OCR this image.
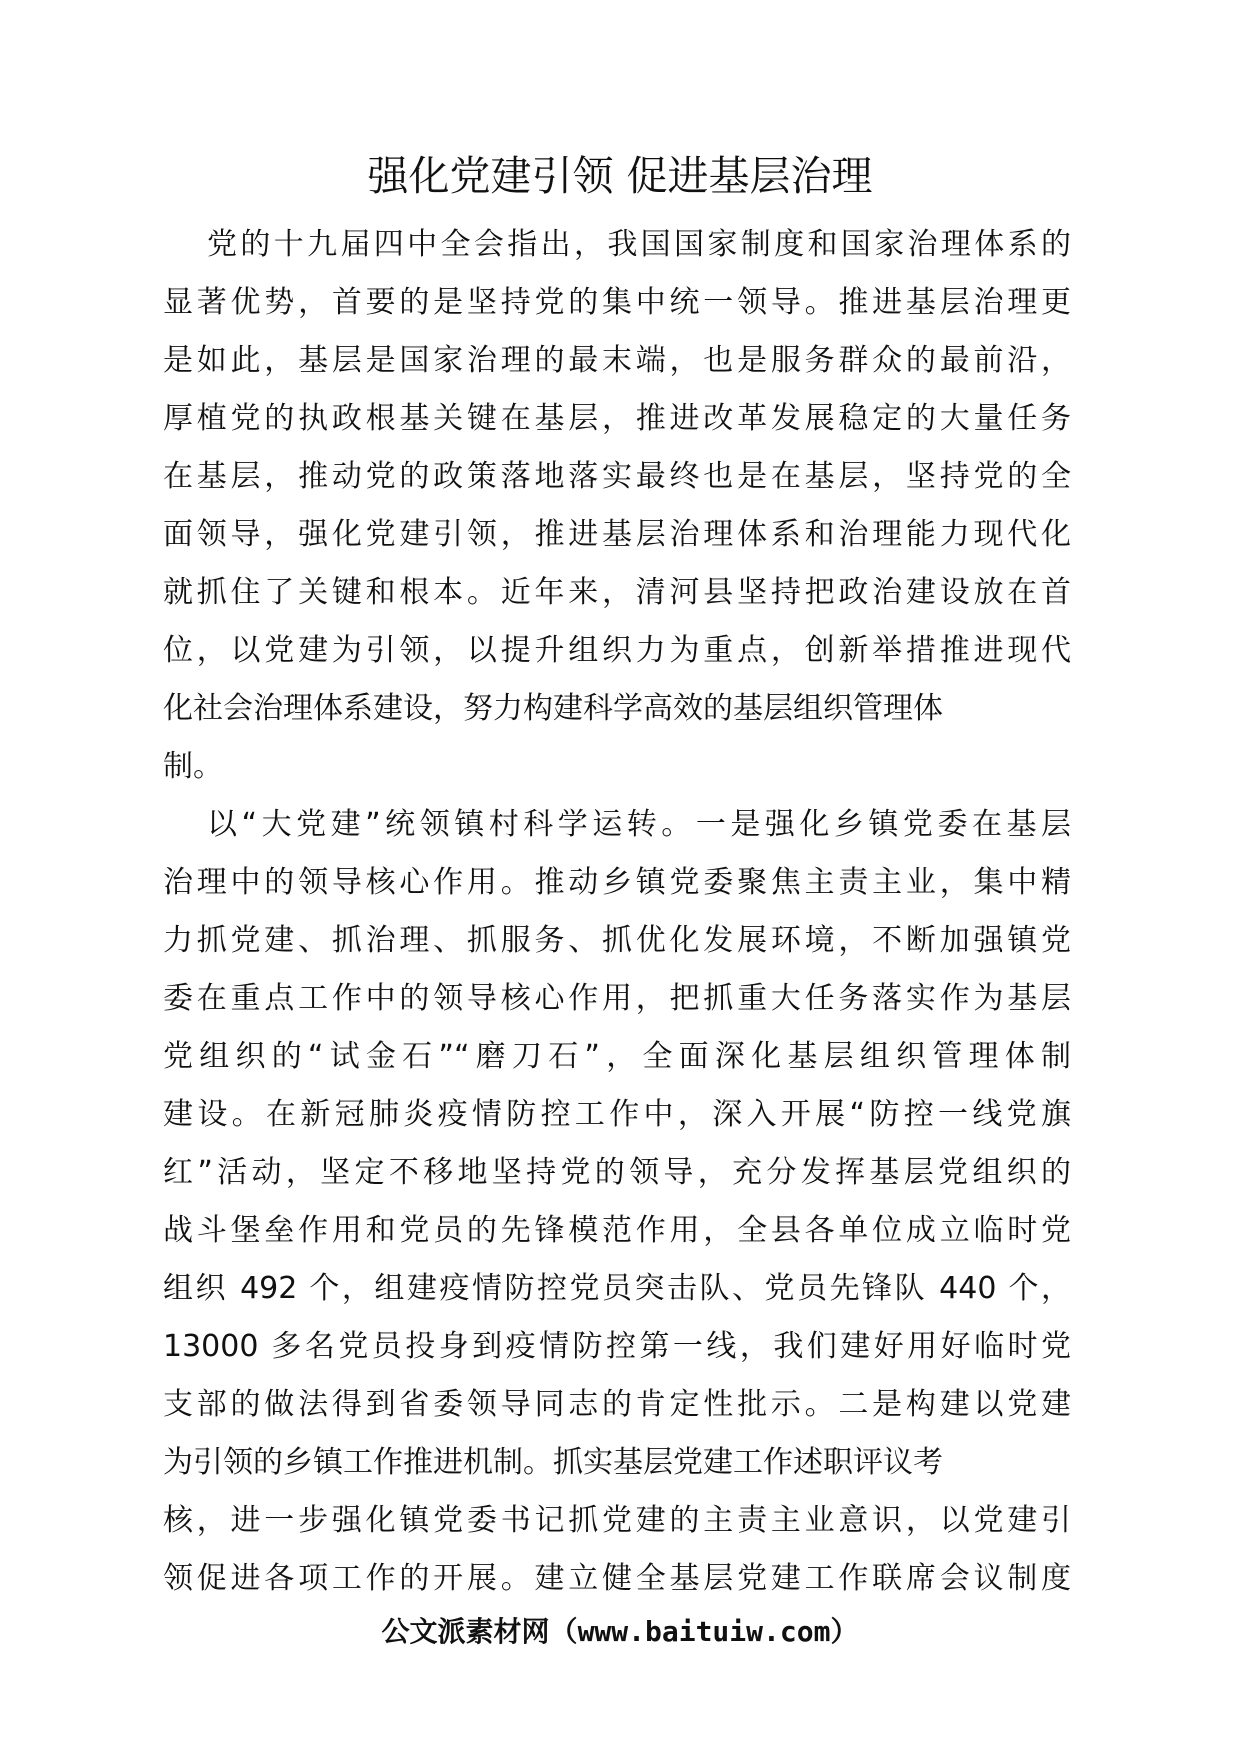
强化党建引领 促进基层治理
党的十九届四中全会指出，我国国家制度和国家治理体系的
显著优势，首要的是坚持党的集中统一领导。推进基层治理更
是如此，基层是国家治理的最末端，也是服务群众的最前沿，
厚植党的执政根基关键在基层，推进改革发展稳定的大量任务
在基层，推动党的政策落地落实最终也是在基层，坚持党的全
面领导，强化党建引领，推进基层治理体系和治理能力现代化
就抓住了关键和根本。近年来，清河县坚持把政治建设放在首
位，以党建为引领，以提升组织力为重点，创新举措推进现代
化社会治理体系建设，努力构建科学高效的基层组织管理体
制。
以“大党建”统领镇村科学运转。一是强化乡镇党委在基层
治理中的领导核心作用。推动乡镇党委聚焦主责主业，集中精
力抓党建、抓治理、抓服务、抓优化发展环境，不断加强镇党
委在重点工作中的领导核心作用，把抓重大任务落实作为基层
党组织的“试金石”“磨刀石”，全面深化基层组织管理体制
建设。在新冠肺炎疫情防控工作中，深入开展“防控一线党旗
红”活动，坚定不移地坚持党的领导，充分发挥基层党组织的
战斗堡垒作用和党员的先锋模范作用，全县各单位成立临时党
组织 492 个，组建疫情防控党员突击队、党员先锋队 440 个，
13000 多名党员投身到疫情防控第一线，我们建好用好临时党
支部的做法得到省委领导同志的肯定性批示。二是构建以党建
为引领的乡镇工作推进机制。抓实基层党建工作述职评议考
核，进一步强化镇党委书记抓党建的主责主业意识，以党建引
领促进各项工作的开展。建立健全基层党建工作联席会议制度
公文派素材网（www.baituiw.com）
